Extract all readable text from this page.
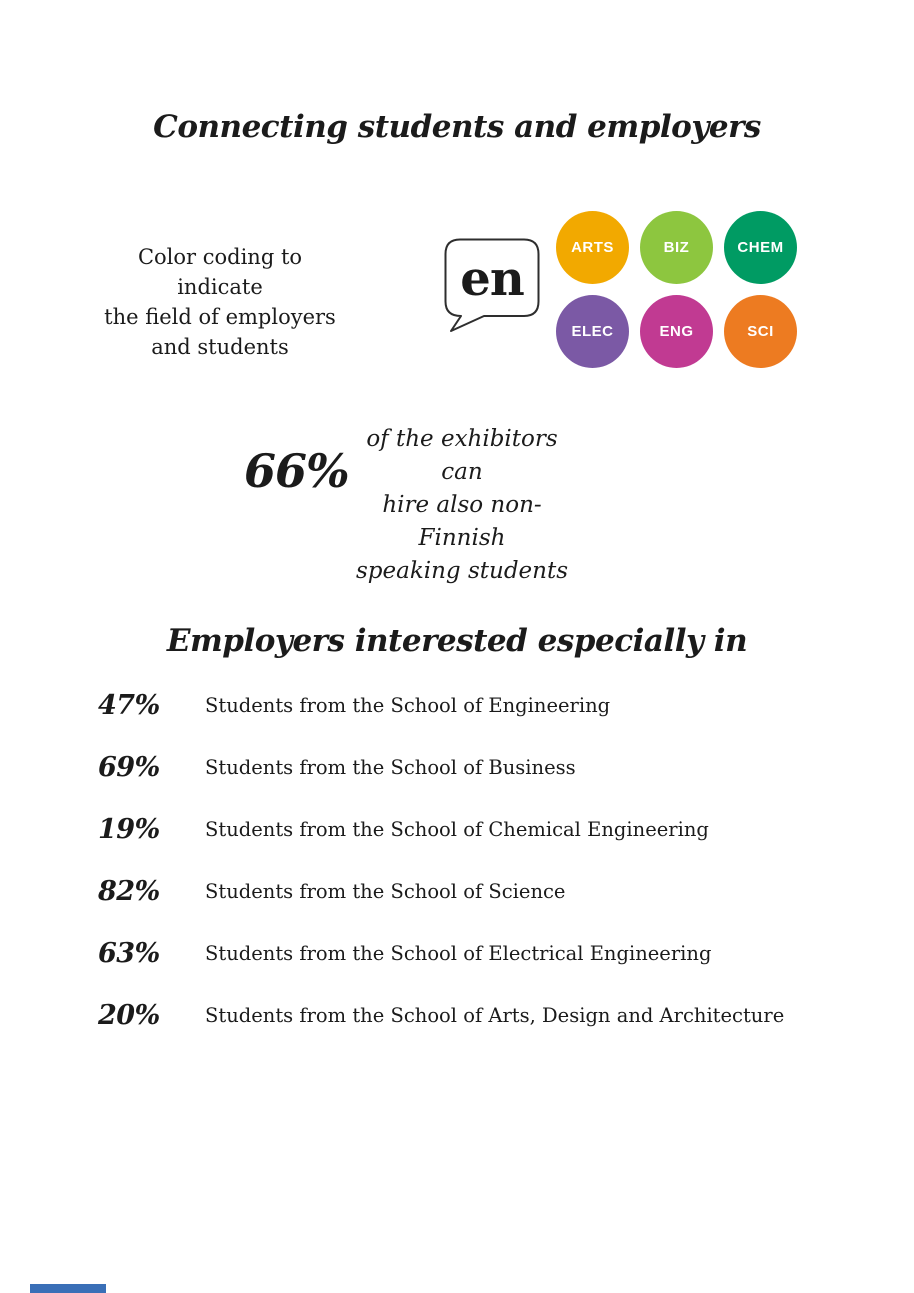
Connecting students and employers
Color coding to indicate
the field of employers
and students
en
ARTS	BIZ	CHEM
ELEC	ENG	SCI
66%
of the exhibitors can
hire also non-Finnish
speaking students
Employers interested especially in
47%	Students from the School of Engineering
69%	Students from the School of Business
19%	Students from the School of Chemical Engineering
82%	Students from the School of Science
63%	Students from the School of Electrical Engineering
20%	Students from the School of Arts, Design and Architecture
